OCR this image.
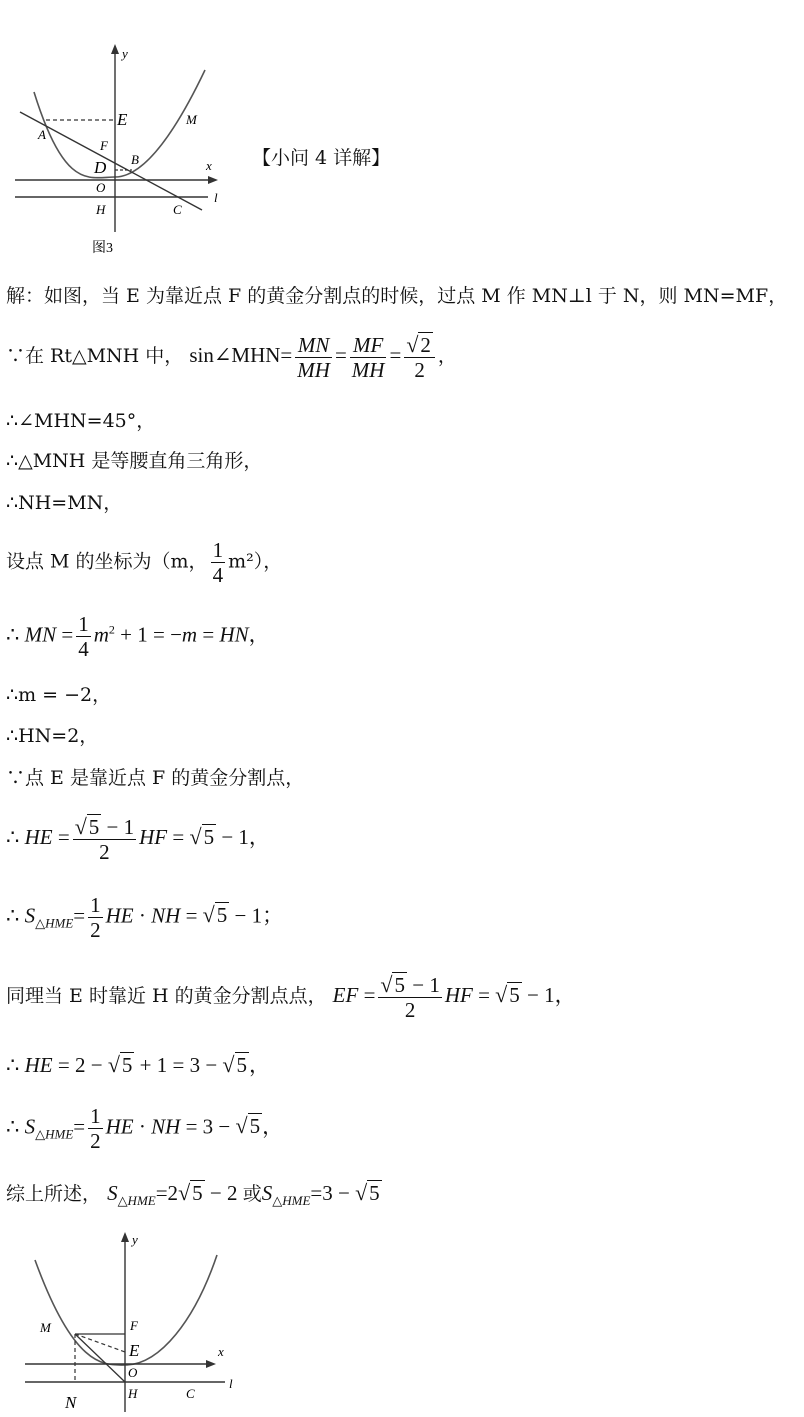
y
E	M
A
F
B
D	x
O
l
H	C
图3
【小问 4 详解】
解：如图，当 E 为靠近点 F 的黄金分割点的时候，过点 M 作 MN⊥l 于 N，则 MN=MF，
∵在 Rt△MNH 中， sin∠MHN= $\frac{MN}{MH} = \frac{MF}{MH} = \frac{√2}{2}$ ，
∴∠MHN=45°，
∴△MNH 是等腰直角三角形，
∴NH=MN，
设点 M 的坐标为（m， $\frac{1}{4} m^2$），
∴ MN = $\frac{1}{4} m^2 + 1 = -m$ = HN，
∴m = −2，
∴HN=2，
∵点 E 是靠近点 F 的黄金分割点，
∴ HE = $\frac{√5 - 1}{2}$ HF = √5 − 1，
∴ $S_{\triangle HME}= \frac{1}{2}$ HE · NH = √5 − 1；
同理当 E 时靠近 H 的黄金分割点点， EF = $\frac{√5 - 1}{2}$ HF = √5 − 1，
∴ HE = 2 − √5 + 1 = 3 − √5，
∴ $S_{\triangle HME}= \frac{1}{2}$ HE · NH = 3 − √5，
综上所述， $S_{\triangle HME}=2√5 - 2$ 或$S_{\triangle HME}=3 - √5$
y
M	F
E	x
O
l
N	H	C
